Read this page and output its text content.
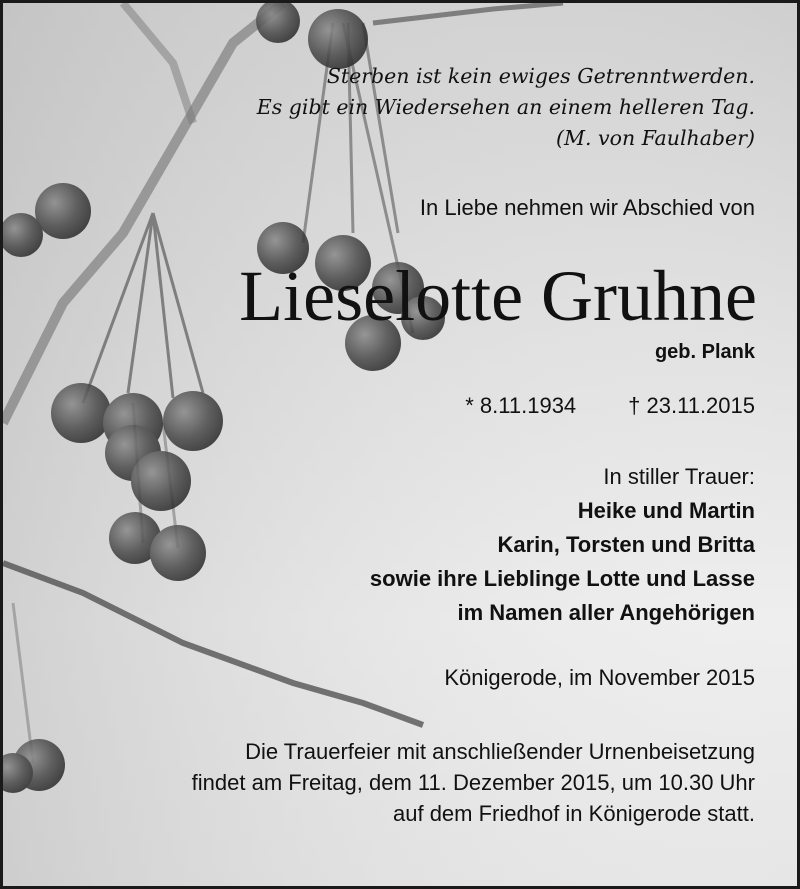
Sterben ist kein ewiges Getrenntwerden.
Es gibt ein Wiedersehen an einem helleren Tag.
(M. von Faulhaber)
In Liebe nehmen wir Abschied von
Lieselotte Gruhne
geb. Plank
* 8.11.1934 † 23.11.2015
In stiller Trauer:
Heike und Martin
Karin, Torsten und Britta
sowie ihre Lieblinge Lotte und Lasse
im Namen aller Angehörigen
Königerode, im November 2015
Die Trauerfeier mit anschließender Urnenbeisetzung
findet am Freitag, dem 11. Dezember 2015, um 10.30 Uhr
auf dem Friedhof in Königerode statt.
